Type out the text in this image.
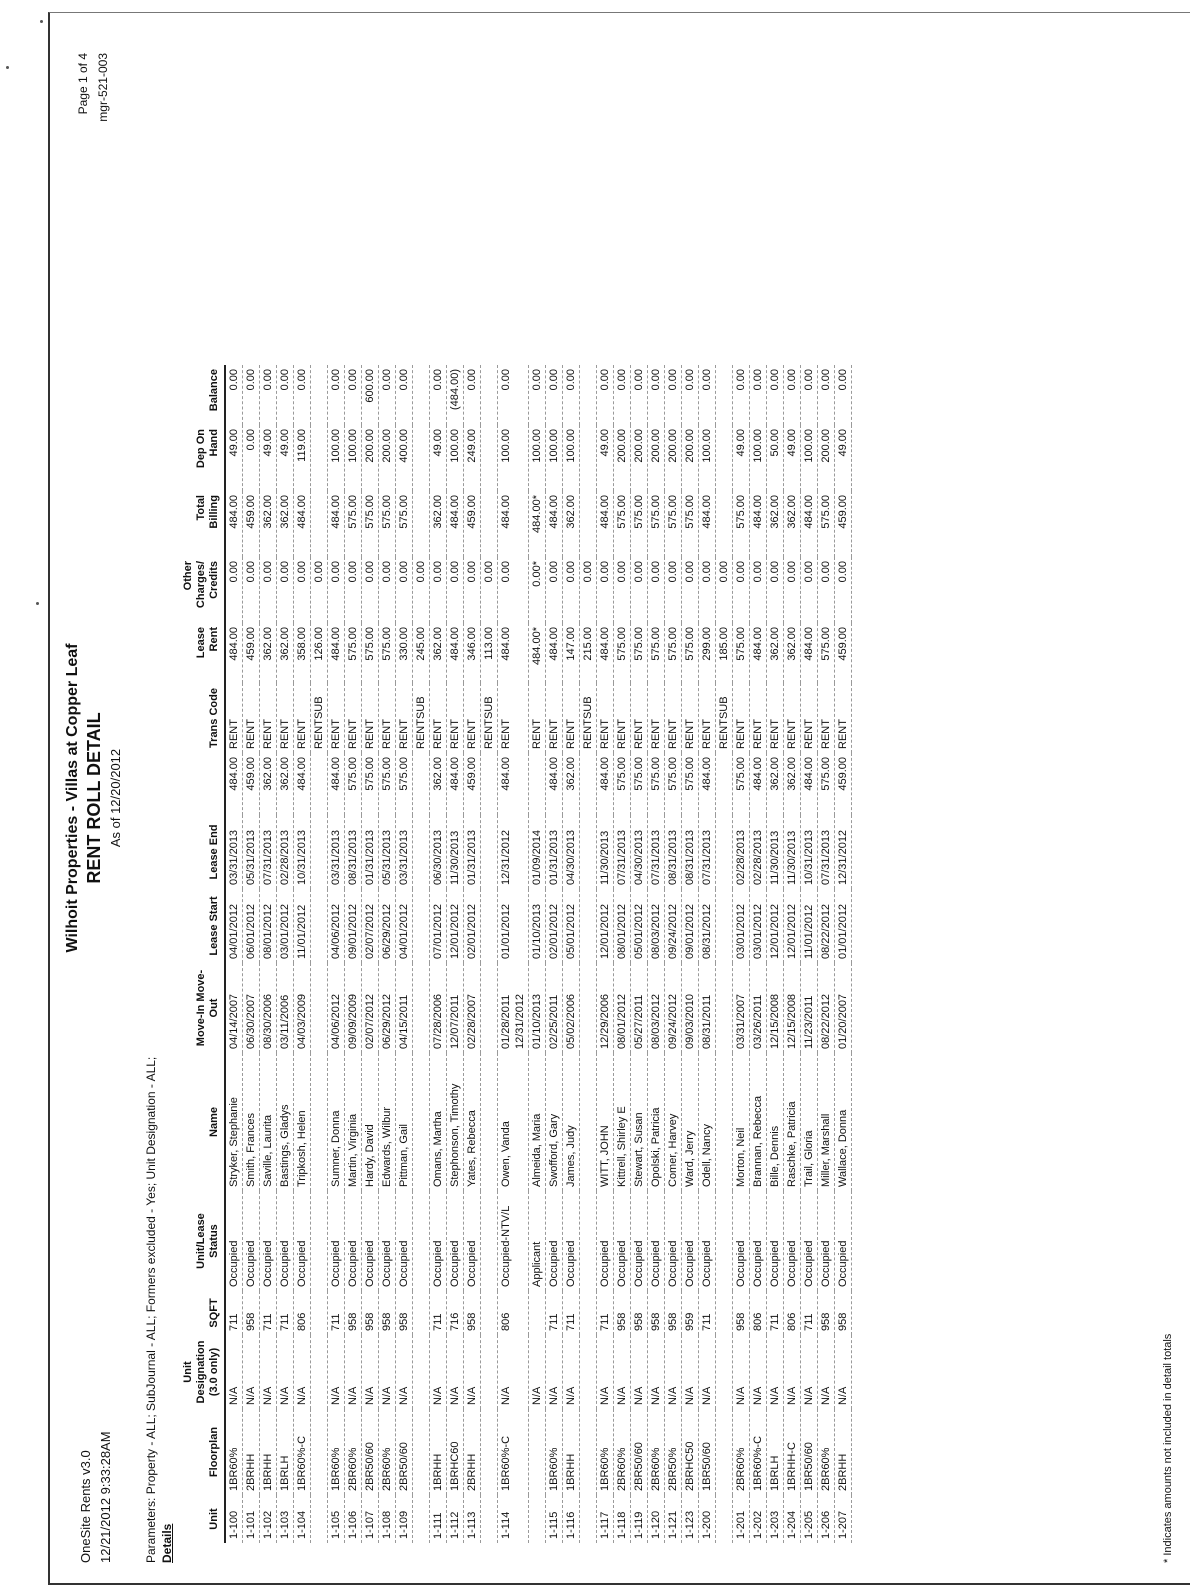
OneSite Rents v3.0 12/21/2012 9:33:28AM
Wilhoit Properties - Villas at Copper Leaf RENT ROLL DETAIL As of 12/20/2012
Page 1 of 4 mgr-521-003
Parameters: Property - ALL; SubJournal - ALL; Formers excluded - Yes; Unit Designation - ALL; Details
Unit	Floorplan	Unit Designation (3.0 only)	SQFT	Unit/Lease Status	Name	Move-In Move-Out	Lease Start	Lease End		Trans Code	Lease Rent	Other Charges/ Credits	Total Billing	Dep On Hand	Balance
1-100	1BR60%	N/A	711	Occupied	Stryker, Stephanie	04/14/2007	04/01/2012	03/31/2013	484.00	RENT	484.00	0.00	484.00	49.00	0.00
1-101	2BRHH	N/A	958	Occupied	Smith, Frances	06/30/2007	06/01/2012	05/31/2013	459.00	RENT	459.00	0.00	459.00	0.00	0.00
1-102	1BRHH	N/A	711	Occupied	Saville, Laurita	08/30/2006	08/01/2012	07/31/2013	362.00	RENT	362.00	0.00	362.00	49.00	0.00
1-103	1BRLH	N/A	711	Occupied	Bastings, Gladys	03/11/2006	03/01/2012	02/28/2013	362.00	RENT	362.00	0.00	362.00	49.00	0.00
1-104	1BR60%-C	N/A	806	Occupied	Tripkosh, Helen	04/03/2009	11/01/2012	10/31/2013	484.00	RENT	358.00	0.00	484.00	119.00	0.00
										RENTSUB	126.00	0.00			
1-105	1BR60%	N/A	711	Occupied	Sumner, Donna	04/06/2012	04/06/2012	03/31/2013	484.00	RENT	484.00	0.00	484.00	100.00	0.00
1-106	2BR60%	N/A	958	Occupied	Martin, Virginia	09/09/2009	09/01/2012	08/31/2013	575.00	RENT	575.00	0.00	575.00	100.00	0.00
1-107	2BR50/60	N/A	958	Occupied	Hardy, David	02/07/2012	02/07/2012	01/31/2013	575.00	RENT	575.00	0.00	575.00	200.00	600.00
1-108	2BR60%	N/A	958	Occupied	Edwards, Wilbur	06/29/2012	06/29/2012	05/31/2013	575.00	RENT	575.00	0.00	575.00	200.00	0.00
1-109	2BR50/60	N/A	958	Occupied	Pittman, Gail	04/15/2011	04/01/2012	03/31/2013	575.00	RENT	330.00	0.00	575.00	400.00	0.00
										RENTSUB	245.00	0.00			
1-111	1BRHH	N/A	711	Occupied	Omans, Martha	07/28/2006	07/01/2012	06/30/2013	362.00	RENT	362.00	0.00	362.00	49.00	0.00
1-112	1BRHC60	N/A	716	Occupied	Stephonson, Timothy	12/07/2011	12/01/2012	11/30/2013	484.00	RENT	484.00	0.00	484.00	100.00	(484.00)
1-113	2BRHH	N/A	958	Occupied	Yates, Rebecca	02/28/2007	02/01/2012	01/31/2013	459.00	RENT	346.00	0.00	459.00	249.00	0.00
										RENTSUB	113.00	0.00			
1-114	1BR60%-C	N/A	806	Occupied-NTV/L	Owen, Vanda	01/28/2011 12/31/2012	01/01/2012	12/31/2012	484.00	RENT	484.00	0.00	484.00	100.00	0.00
		N/A		Applicant	Almeida, Maria	01/10/2013	01/10/2013	01/09/2014		RENT	484.00*	0.00*	484.00*	100.00	0.00
1-115	1BR60%	N/A	711	Occupied	Swofford, Gary	02/25/2011	02/01/2012	01/31/2013	484.00	RENT	484.00	0.00	484.00	100.00	0.00
1-116	1BRHH	N/A	711	Occupied	James, Judy	05/02/2006	05/01/2012	04/30/2013	362.00	RENT	147.00	0.00	362.00	100.00	0.00
										RENTSUB	215.00	0.00			
1-117	1BR60%	N/A	711	Occupied	WITT, JOHN	12/29/2006	12/01/2012	11/30/2013	484.00	RENT	484.00	0.00	484.00	49.00	0.00
1-118	2BR60%	N/A	958	Occupied	Kittrell, Shirley E	08/01/2012	08/01/2012	07/31/2013	575.00	RENT	575.00	0.00	575.00	200.00	0.00
1-119	2BR50/60	N/A	958	Occupied	Stewart, Susan	05/27/2011	05/01/2012	04/30/2013	575.00	RENT	575.00	0.00	575.00	200.00	0.00
1-120	2BR60%	N/A	958	Occupied	Opolski, Patricia	08/03/2012	08/03/2012	07/31/2013	575.00	RENT	575.00	0.00	575.00	200.00	0.00
1-121	2BR50%	N/A	958	Occupied	Comer, Harvey	09/24/2012	09/24/2012	08/31/2013	575.00	RENT	575.00	0.00	575.00	200.00	0.00
1-123	2BRHC50	N/A	959	Occupied	Ward, Jerry	09/03/2010	09/01/2012	08/31/2013	575.00	RENT	575.00	0.00	575.00	200.00	0.00
1-200	1BR50/60	N/A	711	Occupied	Odell, Nancy	08/31/2011	08/31/2012	07/31/2013	484.00	RENT	299.00	0.00	484.00	100.00	0.00
										RENTSUB	185.00	0.00			
1-201	2BR60%	N/A	958	Occupied	Morton, Neil	03/31/2007	03/01/2012	02/28/2013	575.00	RENT	575.00	0.00	575.00	49.00	0.00
1-202	1BR60%-C	N/A	806	Occupied	Brannan, Rebecca	03/26/2011	03/01/2012	02/28/2013	484.00	RENT	484.00	0.00	484.00	100.00	0.00
1-203	1BRLH	N/A	711	Occupied	Bille, Dennis	12/15/2008	12/01/2012	11/30/2013	362.00	RENT	362.00	0.00	362.00	50.00	0.00
1-204	1BRHH-C	N/A	806	Occupied	Raschke, Patricia	12/15/2008	12/01/2012	11/30/2013	362.00	RENT	362.00	0.00	362.00	49.00	0.00
1-205	1BR50/60	N/A	711	Occupied	Trail, Gloria	11/23/2011	11/01/2012	10/31/2013	484.00	RENT	484.00	0.00	484.00	100.00	0.00
1-206	2BR60%	N/A	958	Occupied	Miller, Marshall	08/22/2012	08/22/2012	07/31/2013	575.00	RENT	575.00	0.00	575.00	200.00	0.00
1-207	2BRHH	N/A	958	Occupied	Wallace, Donna	01/20/2007	01/01/2012	12/31/2012	459.00	RENT	459.00	0.00	459.00	49.00	0.00
* Indicates amounts not included in detail totals
